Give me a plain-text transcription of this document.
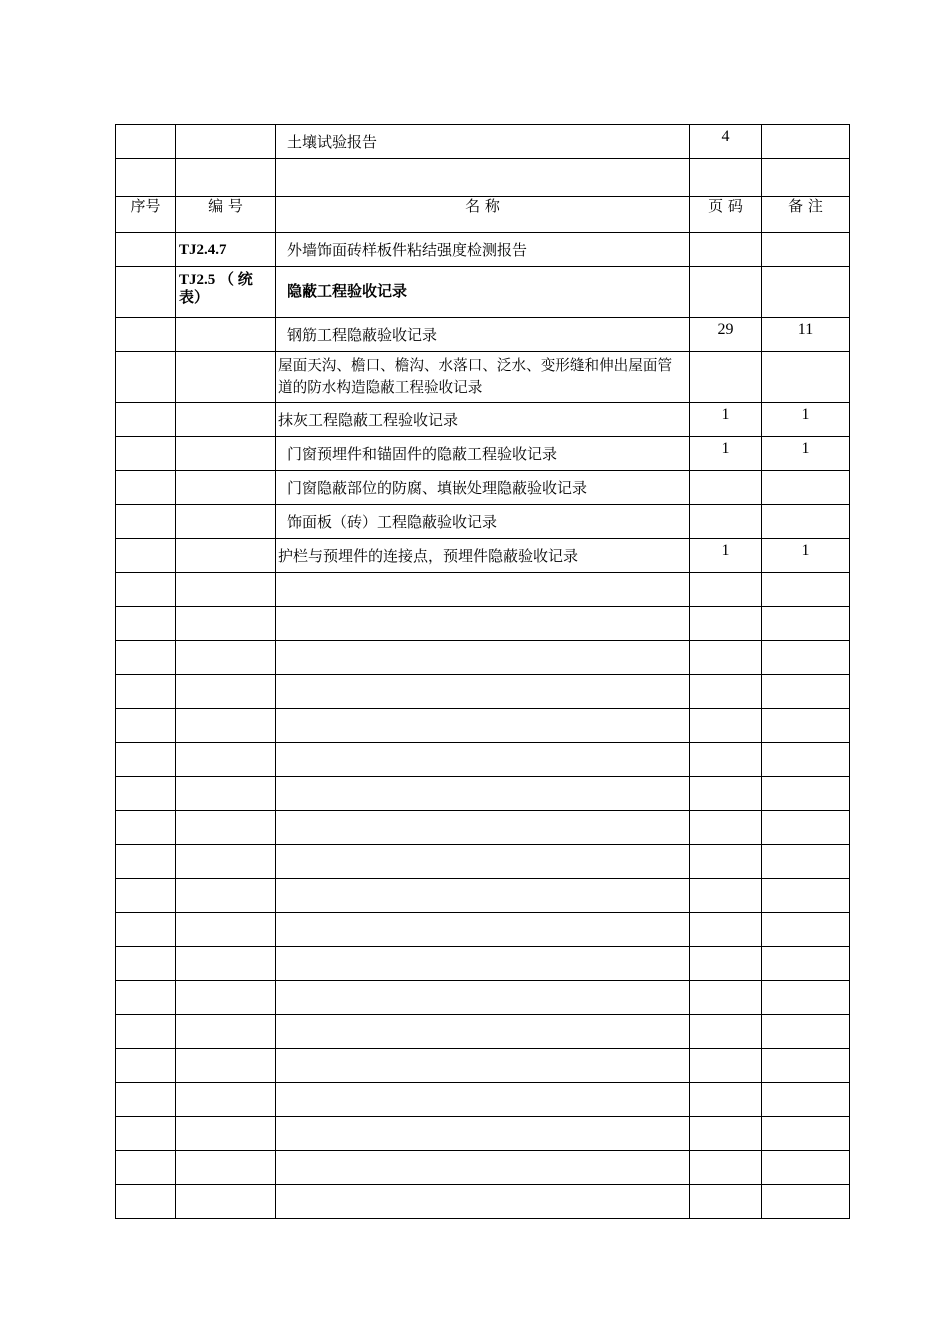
		土壤试验报告	4	

序号	编 号	名 称	页 码	备 注

	TJ2.4.7	外墙饰面砖样板件粘结强度检测报告		

	TJ2.5 （ 统表）	隐蔽工程验收记录		

		钢筋工程隐蔽验收记录	29	11

		屋面天沟、檐口、檐沟、水落口、泛水、变形缝和伸出屋面管道的防水构造隐蔽工程验收记录		

		抹灰工程隐蔽工程验收记录	1	1

		门窗预埋件和锚固件的隐蔽工程验收记录	1	1

		门窗隐蔽部位的防腐、填嵌处理隐蔽验收记录		

		饰面板（砖）工程隐蔽验收记录		

		护栏与预埋件的连接点，预埋件隐蔽验收记录	1	1
